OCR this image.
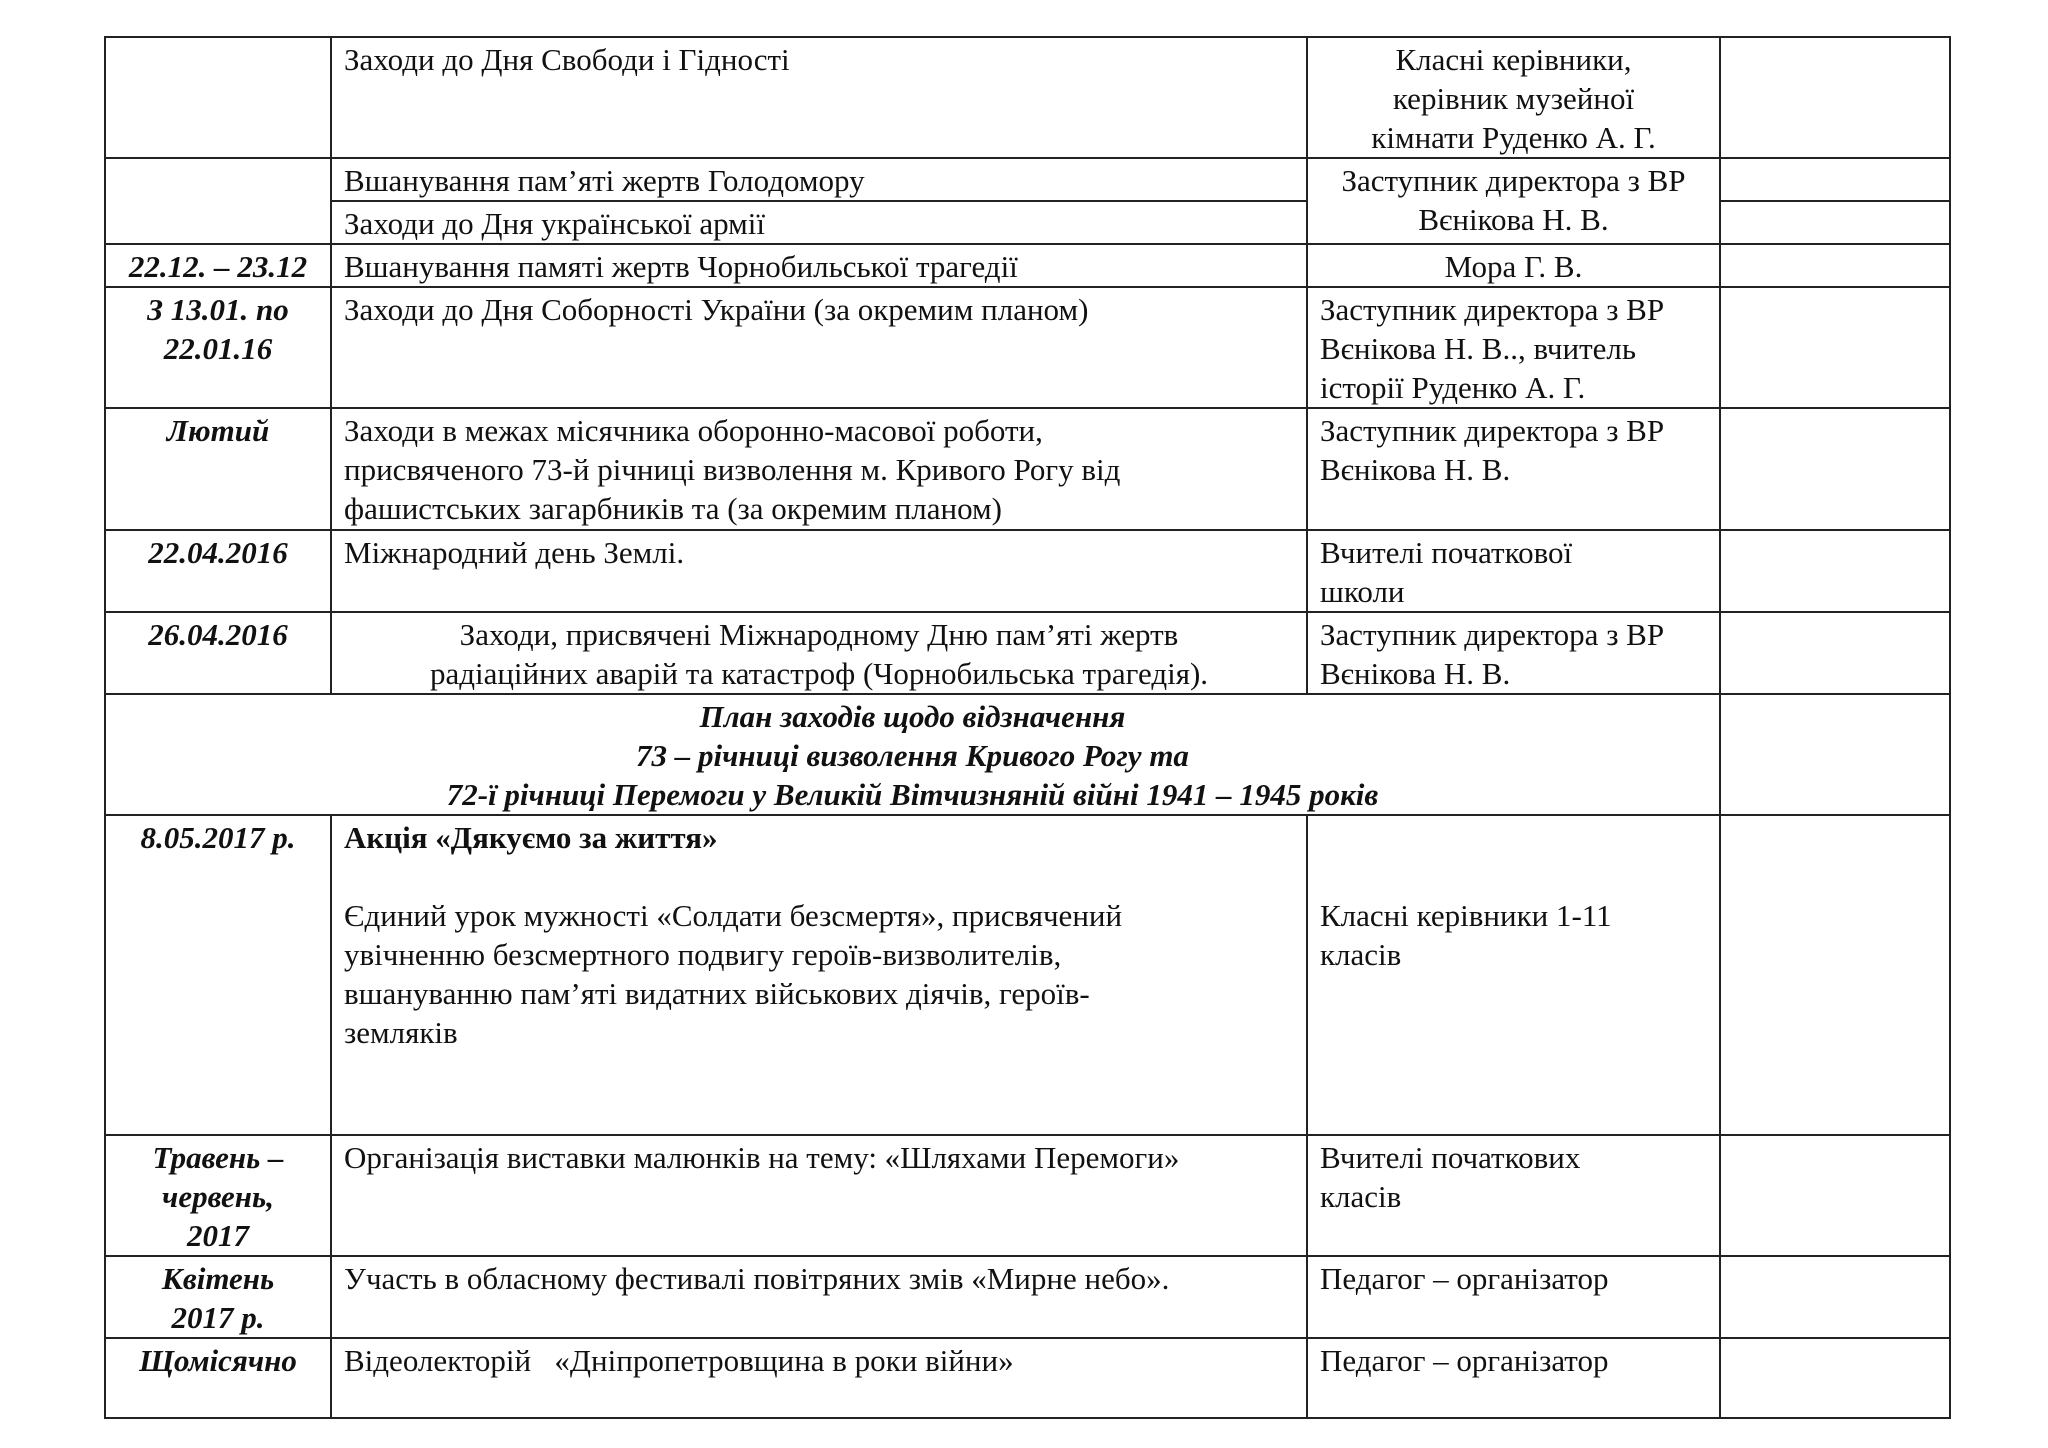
	Заходи до Дня Свободи і Гідності	Класні керівники,
керівник музейної
кімнати Руденко А. Г.	

	Вшанування пам’яті жертв Голодомору	Заступник директора з ВР
Вєнікова Н. В.	

	Заходи до Дня української армії		
22.12. – 23.12	Вшанування памяті жертв Чорнобильської трагедії	Мора Г. В.	

З 13.01. по
22.01.16	Заходи до Дня Соборності України (за окремим планом)	Заступник директора з ВР
Вєнікова Н. В.., вчитель
історії Руденко А. Г.	

Лютий	Заходи в межах місячника оборонно-масової роботи,
присвяченого 73-й річниці визволення м. Кривого Рогу від
фашистських загарбників та (за окремим планом)	Заступник директора з ВР
Вєнікова Н. В.	

22.04.2016	Міжнародний день Землі.	Вчителі початкової
школи	

26.04.2016	Заходи, присвячені Міжнародному Дню пам’яті жертв
радіаційних аварій та катастроф (Чорнобильська трагедія).	Заступник директора з ВР
Вєнікова Н. В.	

План заходів щодо відзначення
73 – річниці визволення Кривого Рогу та
72-ї річниці Перемоги у Великій Вітчизняній війні 1941 – 1945 років			

8.05.2017 р.	Акція «Дякуємо за життя»
Єдиний урок мужності «Солдати безсмертя», присвячений
увічненню безсмертного подвигу героїв-визволителів,
вшануванню пам’яті видатних військових діячів, героїв-
земляків	Класні керівники 1-11
класів	

Травень –
червень,
2017	Організація виставки малюнків на тему: «Шляхами Перемоги»	Вчителі початкових
класів	

Квітень
2017 р.	Участь в обласному фестивалі повітряних змів «Мирне небо».	Педагог – організатор	
Щомісячно	Відеолекторій   «Дніпропетровщина в роки війни»	Педагог – організатор	
